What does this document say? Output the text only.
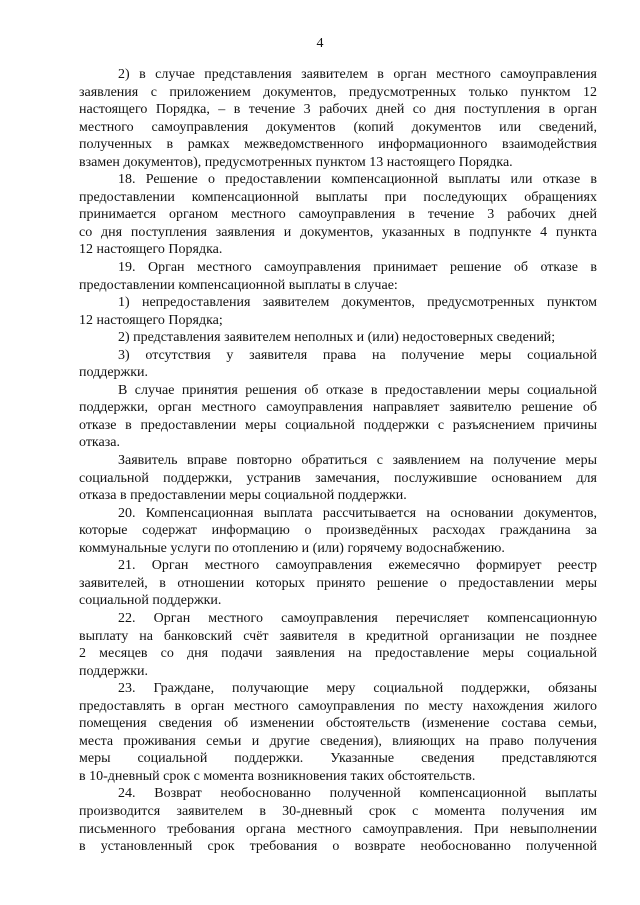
4
2) в случае представления заявителем в орган местного самоуправления
заявления с приложением документов, предусмотренных только пунктом 12
настоящего Порядка, – в течение 3 рабочих дней со дня поступления в орган
местного самоуправления документов (копий документов или сведений,
полученных в рамках межведомственного информационного взаимодействия
взамен документов), предусмотренных пунктом 13 настоящего Порядка.
18. Решение о предоставлении компенсационной выплаты или отказе в
предоставлении компенсационной выплаты при последующих обращениях
принимается органом местного самоуправления в течение 3 рабочих дней
со дня поступления заявления и документов, указанных в подпункте 4 пункта
12 настоящего Порядка.
19. Орган местного самоуправления принимает решение об отказе в
предоставлении компенсационной выплаты в случае:
1) непредоставления заявителем документов, предусмотренных пунктом
12 настоящего Порядка;
2) представления заявителем неполных и (или) недостоверных сведений;
3) отсутствия у заявителя права на получение меры социальной
поддержки.
В случае принятия решения об отказе в предоставлении меры социальной
поддержки, орган местного самоуправления направляет заявителю решение об
отказе в предоставлении меры социальной поддержки с разъяснением причины
отказа.
Заявитель вправе повторно обратиться с заявлением на получение меры
социальной поддержки, устранив замечания, послужившие основанием для
отказа в предоставлении меры социальной поддержки.
20. Компенсационная выплата рассчитывается на основании документов,
которые содержат информацию о произведённых расходах гражданина за
коммунальные услуги по отоплению и (или) горячему водоснабжению.
21. Орган местного самоуправления ежемесячно формирует реестр
заявителей, в отношении которых принято решение о предоставлении меры
социальной поддержки.
22. Орган местного самоуправления перечисляет компенсационную
выплату на банковский счёт заявителя в кредитной организации не позднее
2 месяцев со дня подачи заявления на предоставление меры социальной
поддержки.
23. Граждане, получающие меру социальной поддержки, обязаны
предоставлять в орган местного самоуправления по месту нахождения жилого
помещения сведения об изменении обстоятельств (изменение состава семьи,
места проживания семьи и другие сведения), влияющих на право получения
меры социальной поддержки. Указанные сведения представляются
в 10-дневный срок с момента возникновения таких обстоятельств.
24. Возврат необоснованно полученной компенсационной выплаты
производится заявителем в 30-дневный срок с момента получения им
письменного требования органа местного самоуправления. При невыполнении
в установленный срок требования о возврате необоснованно полученной
